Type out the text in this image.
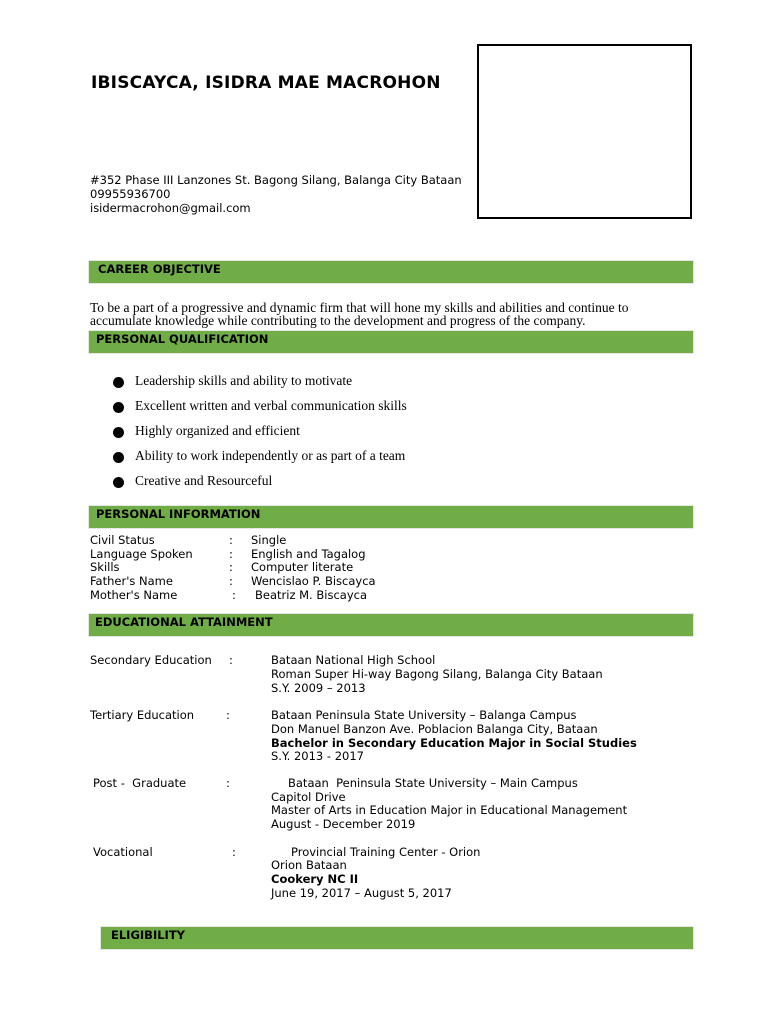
IBISCAYCA, ISIDRA MAE MACROHON
#352 Phase III Lanzones St. Bagong Silang, Balanga City Bataan
09955936700
isidermacrohon@gmail.com
CAREER OBJECTIVE
To be a part of a progressive and dynamic firm that will hone my skills and abilities and continue to
accumulate knowledge while contributing to the development and progress of the company.
PERSONAL QUALIFICATION
Leadership skills and ability to motivate
Excellent written and verbal communication skills
Highly organized and efficient
Ability to work independently or as part of a team
Creative and Resourceful
PERSONAL INFORMATION
Civil Status	: Single
Language Spoken	: English and Tagalog
Skills	: Computer literate
Father's Name	: Wencislao P. Biscayca
Mother's Name	: Beatriz M. Biscayca
EDUCATIONAL ATTAINMENT
Secondary Education :	Bataan National High School
Roman Super Hi-way Bagong Silang, Balanga City Bataan
S.Y. 2009 – 2013
Tertiary Education	:	Bataan Peninsula State University – Balanga Campus
Don Manuel Banzon Ave. Poblacion Balanga City, Bataan
Bachelor in Secondary Education Major in Social Studies
S.Y. 2013 - 2017
Post -  Graduate	:	Bataan  Peninsula State University – Main Campus
Capitol Drive
Master of Arts in Education Major in Educational Management
August - December 2019
Vocational	:	Provincial Training Center - Orion
Orion Bataan
Cookery NC II
June 19, 2017 – August 5, 2017
ELIGIBILITY
